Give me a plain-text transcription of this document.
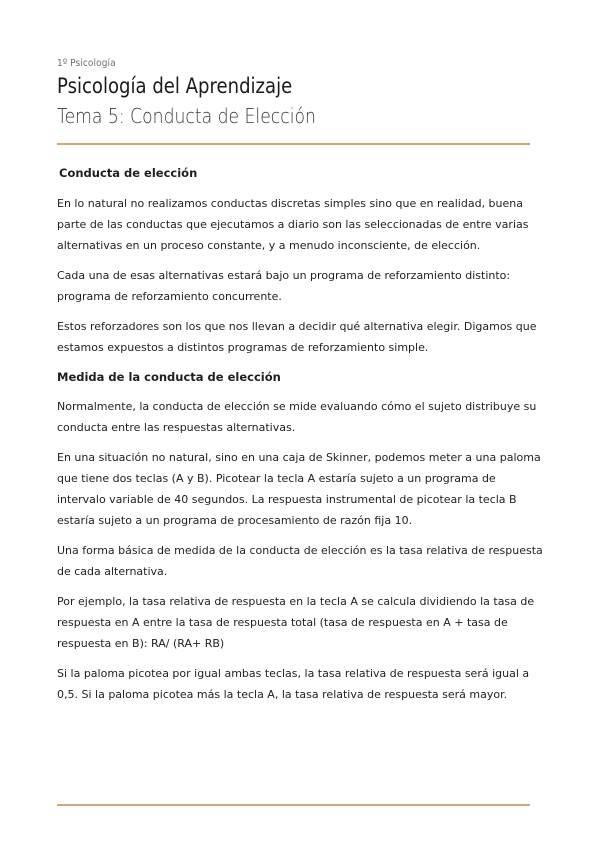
1º Psicología
Psicología del Aprendizaje
Tema 5: Conducta de Elección
Conducta de elección

En lo natural no realizamos conductas discretas simples sino que en realidad, buena parte de las conductas que ejecutamos a diario son las seleccionadas de entre varias alternativas en un proceso constante, y a menudo inconsciente, de elección.

Cada una de esas alternativas estará bajo un programa de reforzamiento distinto: programa de reforzamiento concurrente.

Estos reforzadores son los que nos llevan a decidir qué alternativa elegir. Digamos que estamos expuestos a distintos programas de reforzamiento simple.

Medida de la conducta de elección

Normalmente, la conducta de elección se mide evaluando cómo el sujeto distribuye su conducta entre las respuestas alternativas.

En una situación no natural, sino en una caja de Skinner, podemos meter a una paloma que tiene dos teclas (A y B). Picotear la tecla A estaría sujeto a un programa de intervalo variable de 40 segundos. La respuesta instrumental de picotear la tecla B estaría sujeto a un programa de procesamiento de razón fija 10.

Una forma básica de medida de la conducta de elección es la tasa relativa de respuesta de cada alternativa.

Por ejemplo, la tasa relativa de respuesta en la tecla A se calcula dividiendo la tasa de respuesta en A entre la tasa de respuesta total (tasa de respuesta en A + tasa de respuesta en B): RA/ (RA+ RB)

Si la paloma picotea por igual ambas teclas, la tasa relativa de respuesta será igual a 0,5. Si la paloma picotea más la tecla A, la tasa relativa de respuesta será mayor.
